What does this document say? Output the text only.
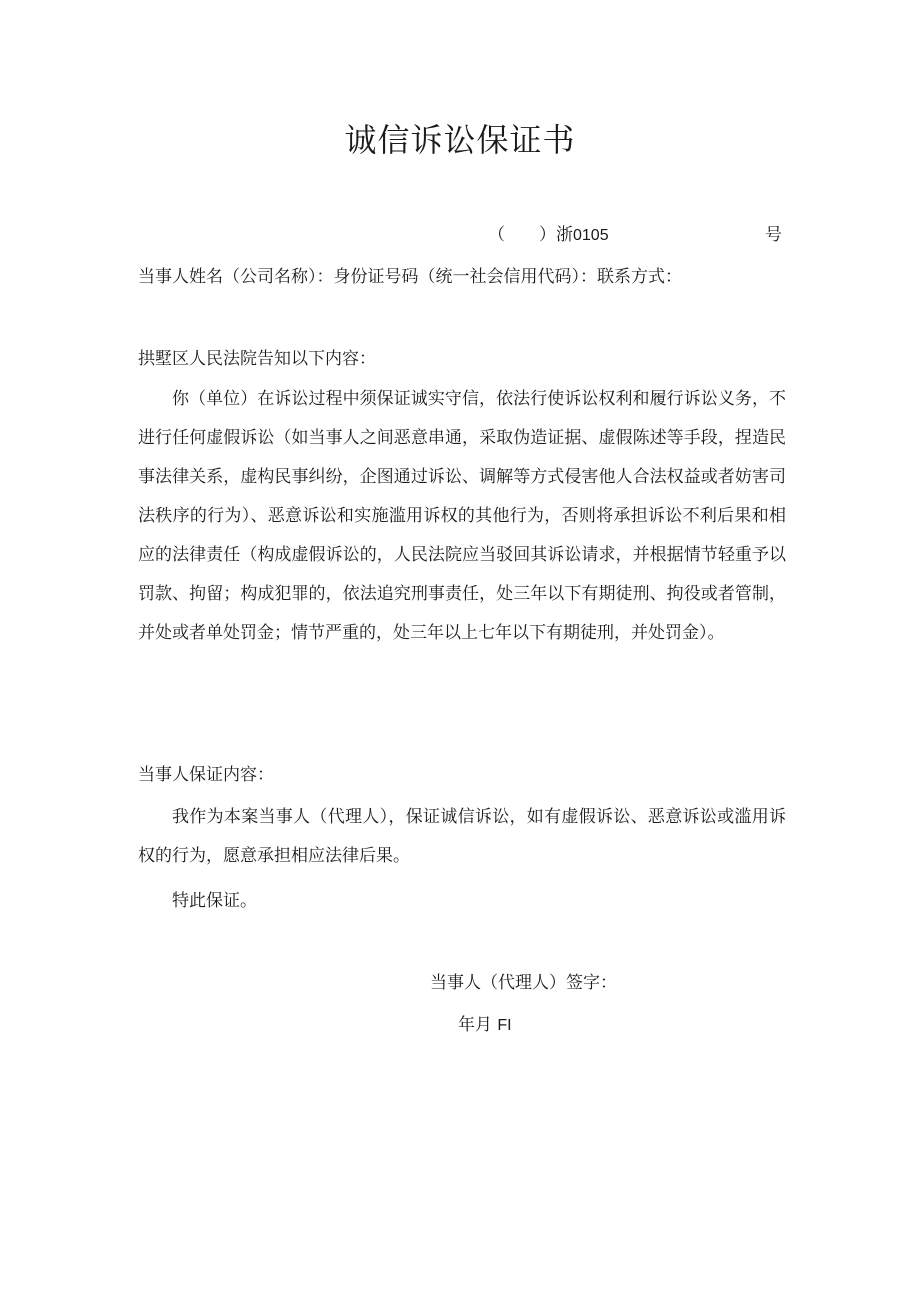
诚信诉讼保证书
（　　）浙0105	号
当事人姓名（公司名称）：身份证号码（统一社会信用代码）：联系方式：
拱墅区人民法院告知以下内容：
你（单位）在诉讼过程中须保证诚实守信，依法行使诉讼权利和履行诉讼义务，不进行任何虚假诉讼（如当事人之间恶意串通，采取伪造证据、虚假陈述等手段，捏造民事法律关系，虚构民事纠纷，企图通过诉讼、调解等方式侵害他人合法权益或者妨害司法秩序的行为）、恶意诉讼和实施滥用诉权的其他行为，否则将承担诉讼不利后果和相应的法律责任（构成虚假诉讼的，人民法院应当驳回其诉讼请求，并根据情节轻重予以罚款、拘留；构成犯罪的，依法追究刑事责任，处三年以下有期徒刑、拘役或者管制，并处或者单处罚金；情节严重的，处三年以上七年以下有期徒刑，并处罚金）。
当事人保证内容：
我作为本案当事人（代理人），保证诚信诉讼，如有虚假诉讼、恶意诉讼或滥用诉权的行为，愿意承担相应法律后果。
特此保证。
当事人（代理人）签字：
年月 FI
